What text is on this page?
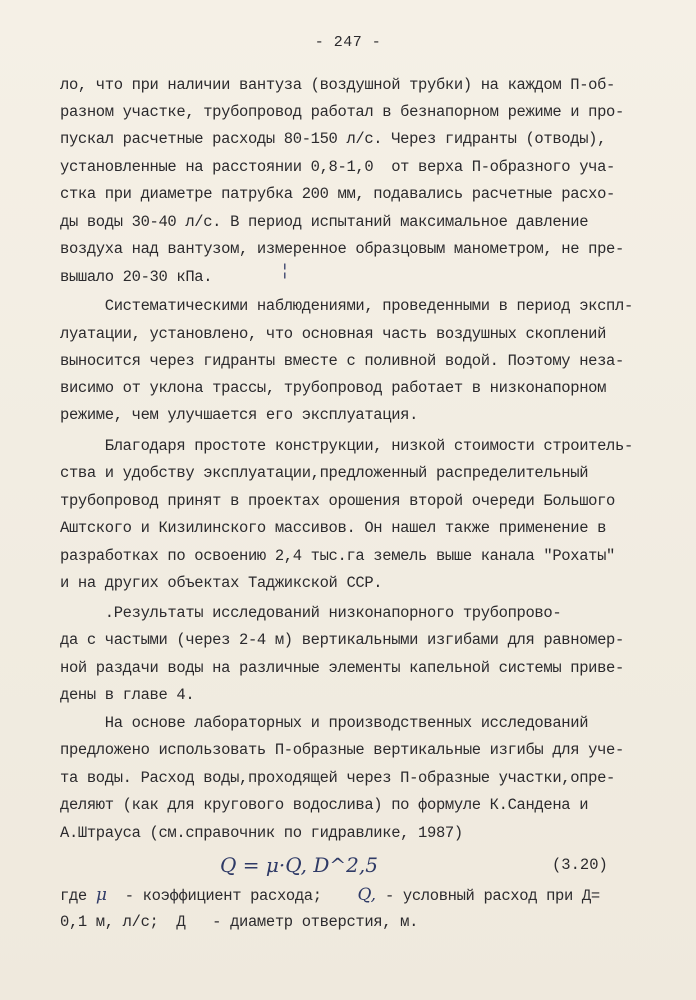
- 247 -
ло, что при наличии вантуза (воздушной трубки) на каждом П-об-
разном участке, трубопровод работал в безнапорном режиме и про-
пускал расчетные расходы 80-150 л/с. Через гидранты (отводы),
установленные на расстоянии 0,8-1,0  от верха П-образного уча-
стка при диаметре патрубка 200 мм, подавались расчетные расхо-
ды воды 30-40 л/с. В период испытаний максимальное давление
воздуха над вантузом, измеренное образцовым манометром, не пре-
вышало 20-30 кПа.
Систематическими наблюдениями, проведенными в период экспл-
луатации, установлено, что основная часть воздушных скоплений
выносится через гидранты вместе с поливной водой. Поэтому неза-
висимо от уклона трассы, трубопровод работает в низконапорном
режиме, чем улучшается его эксплуатация.
Благодаря простоте конструкции, низкой стоимости строитель-
ства и удобству эксплуатации,предложенный распределительный
трубопровод принят в проектах орошения второй очереди Большого
Аштского и Кизилинского массивов. Он нашел также применение в
разработках по освоению 2,4 тыс.га земель выше канала "Рохаты"
и на других объектах Таджикской ССР.
.Результаты исследований низконапорного трубопрово-
да с частыми (через 2-4 м) вертикальными изгибами для равномер-
ной раздачи воды на различные элементы капельной системы приве-
дены в главе 4.
На основе лабораторных и производственных исследований
предложено использовать П-образные вертикальные изгибы для уче-
та воды. Расход воды,проходящей через П-образные участки,опре-
деляют (как для кругового водослива) по формуле К.Сандена и
А.Штрауса (см.справочник по гидравлике, 1987)
¦
Q = μ·Q, D^2,5	(3.20)
где μ  - коэффициент расхода;    Q, - условный расход при Д=
0,1 м, л/с;  Д   - диаметр отверстия, м.
